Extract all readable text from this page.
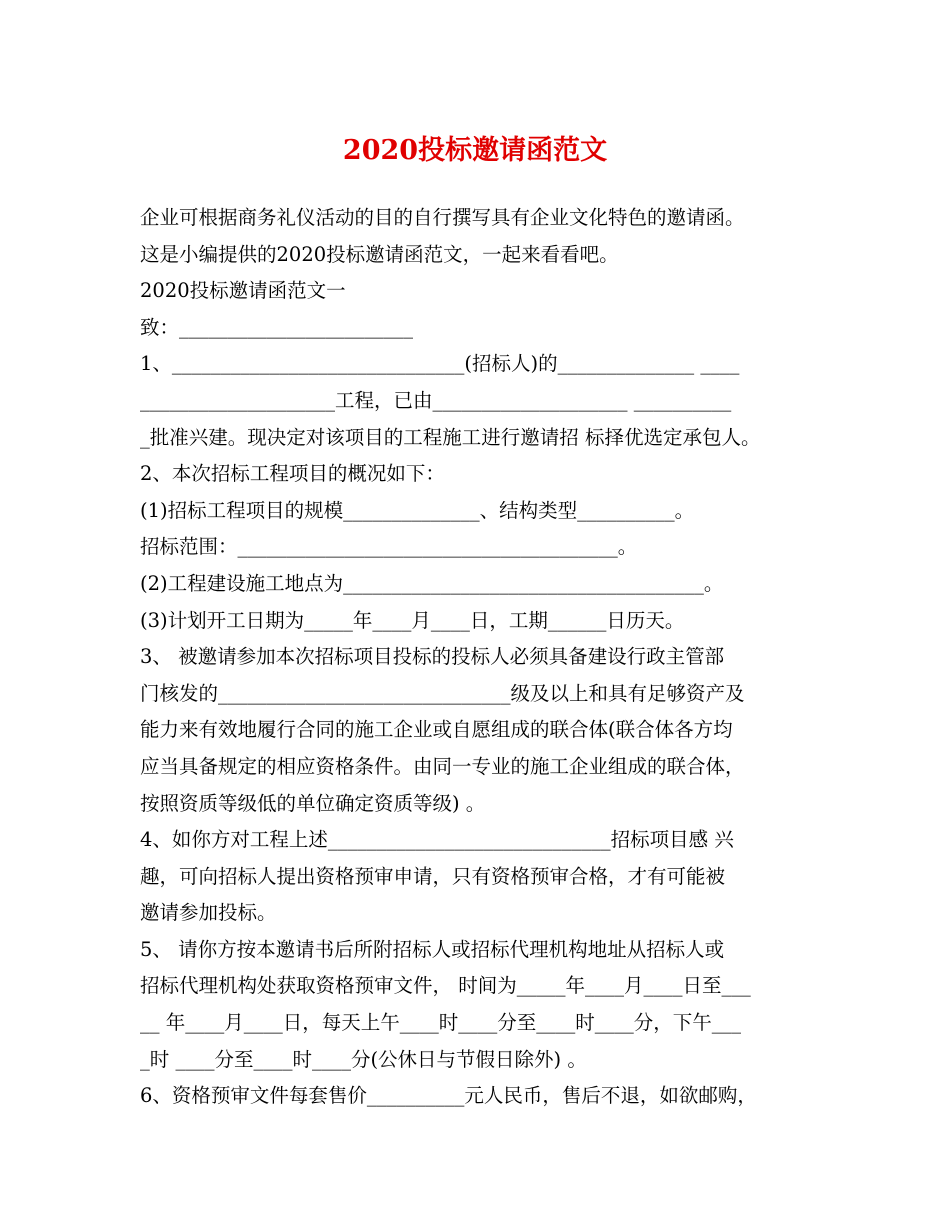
2020投标邀请函范文
企业可根据商务礼仪活动的目的自行撰写具有企业文化特色的邀请函。
这是小编提供的2020投标邀请函范文，一起来看看吧。
2020投标邀请函范文一
致：________________________
1、______________________________(招标人)的______________ ____
____________________工程，已由____________________ __________
_批准兴建。现决定对该项目的工程施工进行邀请招 标择优选定承包人。
2、本次招标工程项目的概况如下：
(1)招标工程项目的规模______________、结构类型__________。
招标范围：_______________________________________。
(2)工程建设施工地点为_____________________________________。
(3)计划开工日期为_____年____月____日，工期______日历天。
3、 被邀请参加本次招标项目投标的投标人必须具备建设行政主管部
门核发的______________________________级及以上和具有足够资产及
能力来有效地履行合同的施工企业或自愿组成的联合体(联合体各方均
应当具备规定的相应资格条件。由同一专业的施工企业组成的联合体，
按照资质等级低的单位确定资质等级) 。
4、如你方对工程上述_____________________________招标项目感 兴
趣，可向招标人提出资格预审申请，只有资格预审合格，才有可能被
邀请参加投标。
5、 请你方按本邀请书后所附招标人或招标代理机构地址从招标人或
招标代理机构处获取资格预审文件， 时间为_____年____月____日至___
__ 年____月____日，每天上午____时____分至____时____分，下午___
_时 ____分至____时____分(公休日与节假日除外) 。
6、资格预审文件每套售价__________元人民币，售后不退，如欲邮购，
